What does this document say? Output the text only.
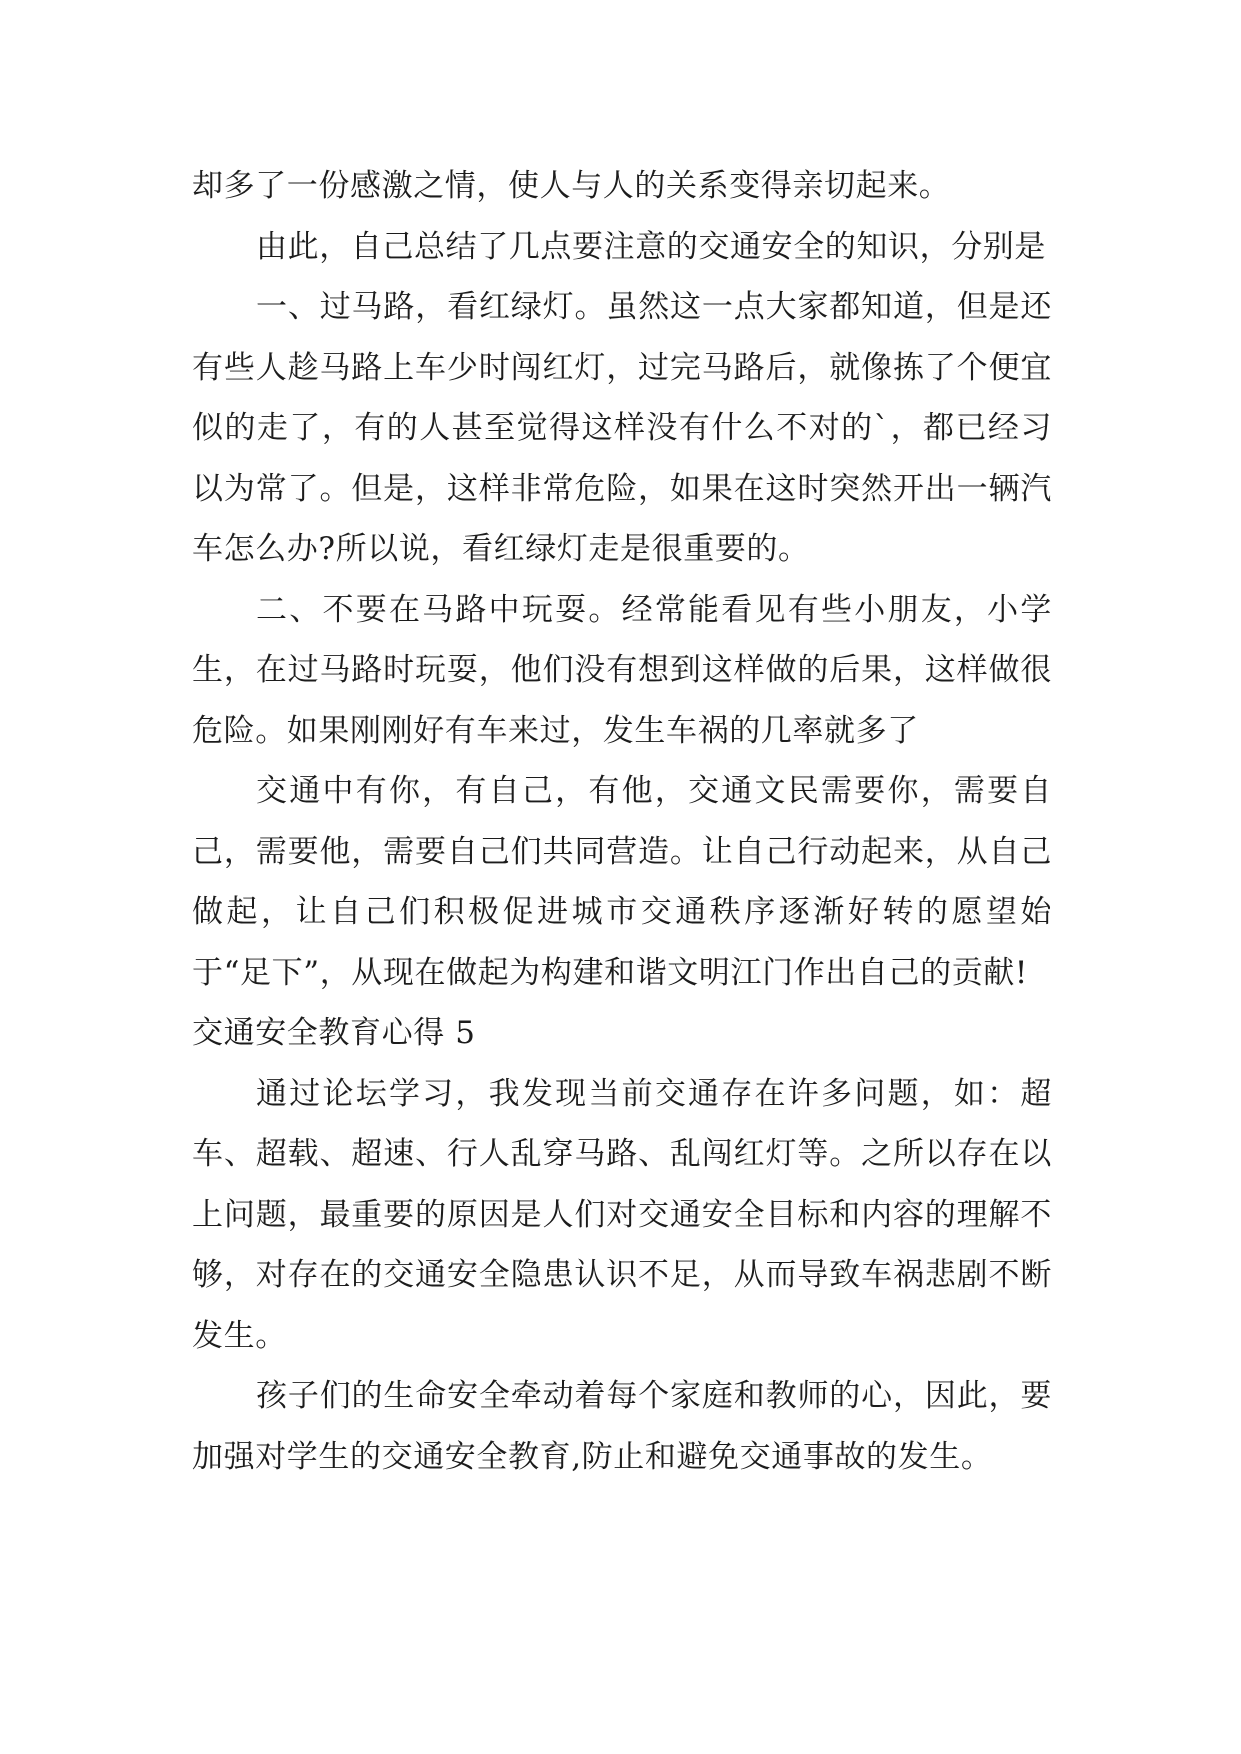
却多了一份感激之情，使人与人的关系变得亲切起来。

由此，自己总结了几点要注意的交通安全的知识，分别是

一、过马路，看红绿灯。虽然这一点大家都知道，但是还有些人趁马路上车少时闯红灯，过完马路后，就像拣了个便宜似的走了，有的人甚至觉得这样没有什么不对的`，都已经习以为常了。但是，这样非常危险，如果在这时突然开出一辆汽车怎么办?所以说，看红绿灯走是很重要的。

二、不要在马路中玩耍。经常能看见有些小朋友，小学生，在过马路时玩耍，他们没有想到这样做的后果，这样做很危险。如果刚刚好有车来过，发生车祸的几率就多了

交通中有你，有自己，有他，交通文民需要你，需要自己，需要他，需要自己们共同营造。让自己行动起来，从自己做起，让自己们积极促进城市交通秩序逐渐好转的愿望始于“足下”，从现在做起为构建和谐文明江门作出自己的贡献!

交通安全教育心得 5

通过论坛学习，我发现当前交通存在许多问题，如：超车、超载、超速、行人乱穿马路、乱闯红灯等。之所以存在以上问题，最重要的原因是人们对交通安全目标和内容的理解不够，对存在的交通安全隐患认识不足，从而导致车祸悲剧不断发生。

孩子们的生命安全牵动着每个家庭和教师的心，因此，要加强对学生的交通安全教育,防止和避免交通事故的发生。
